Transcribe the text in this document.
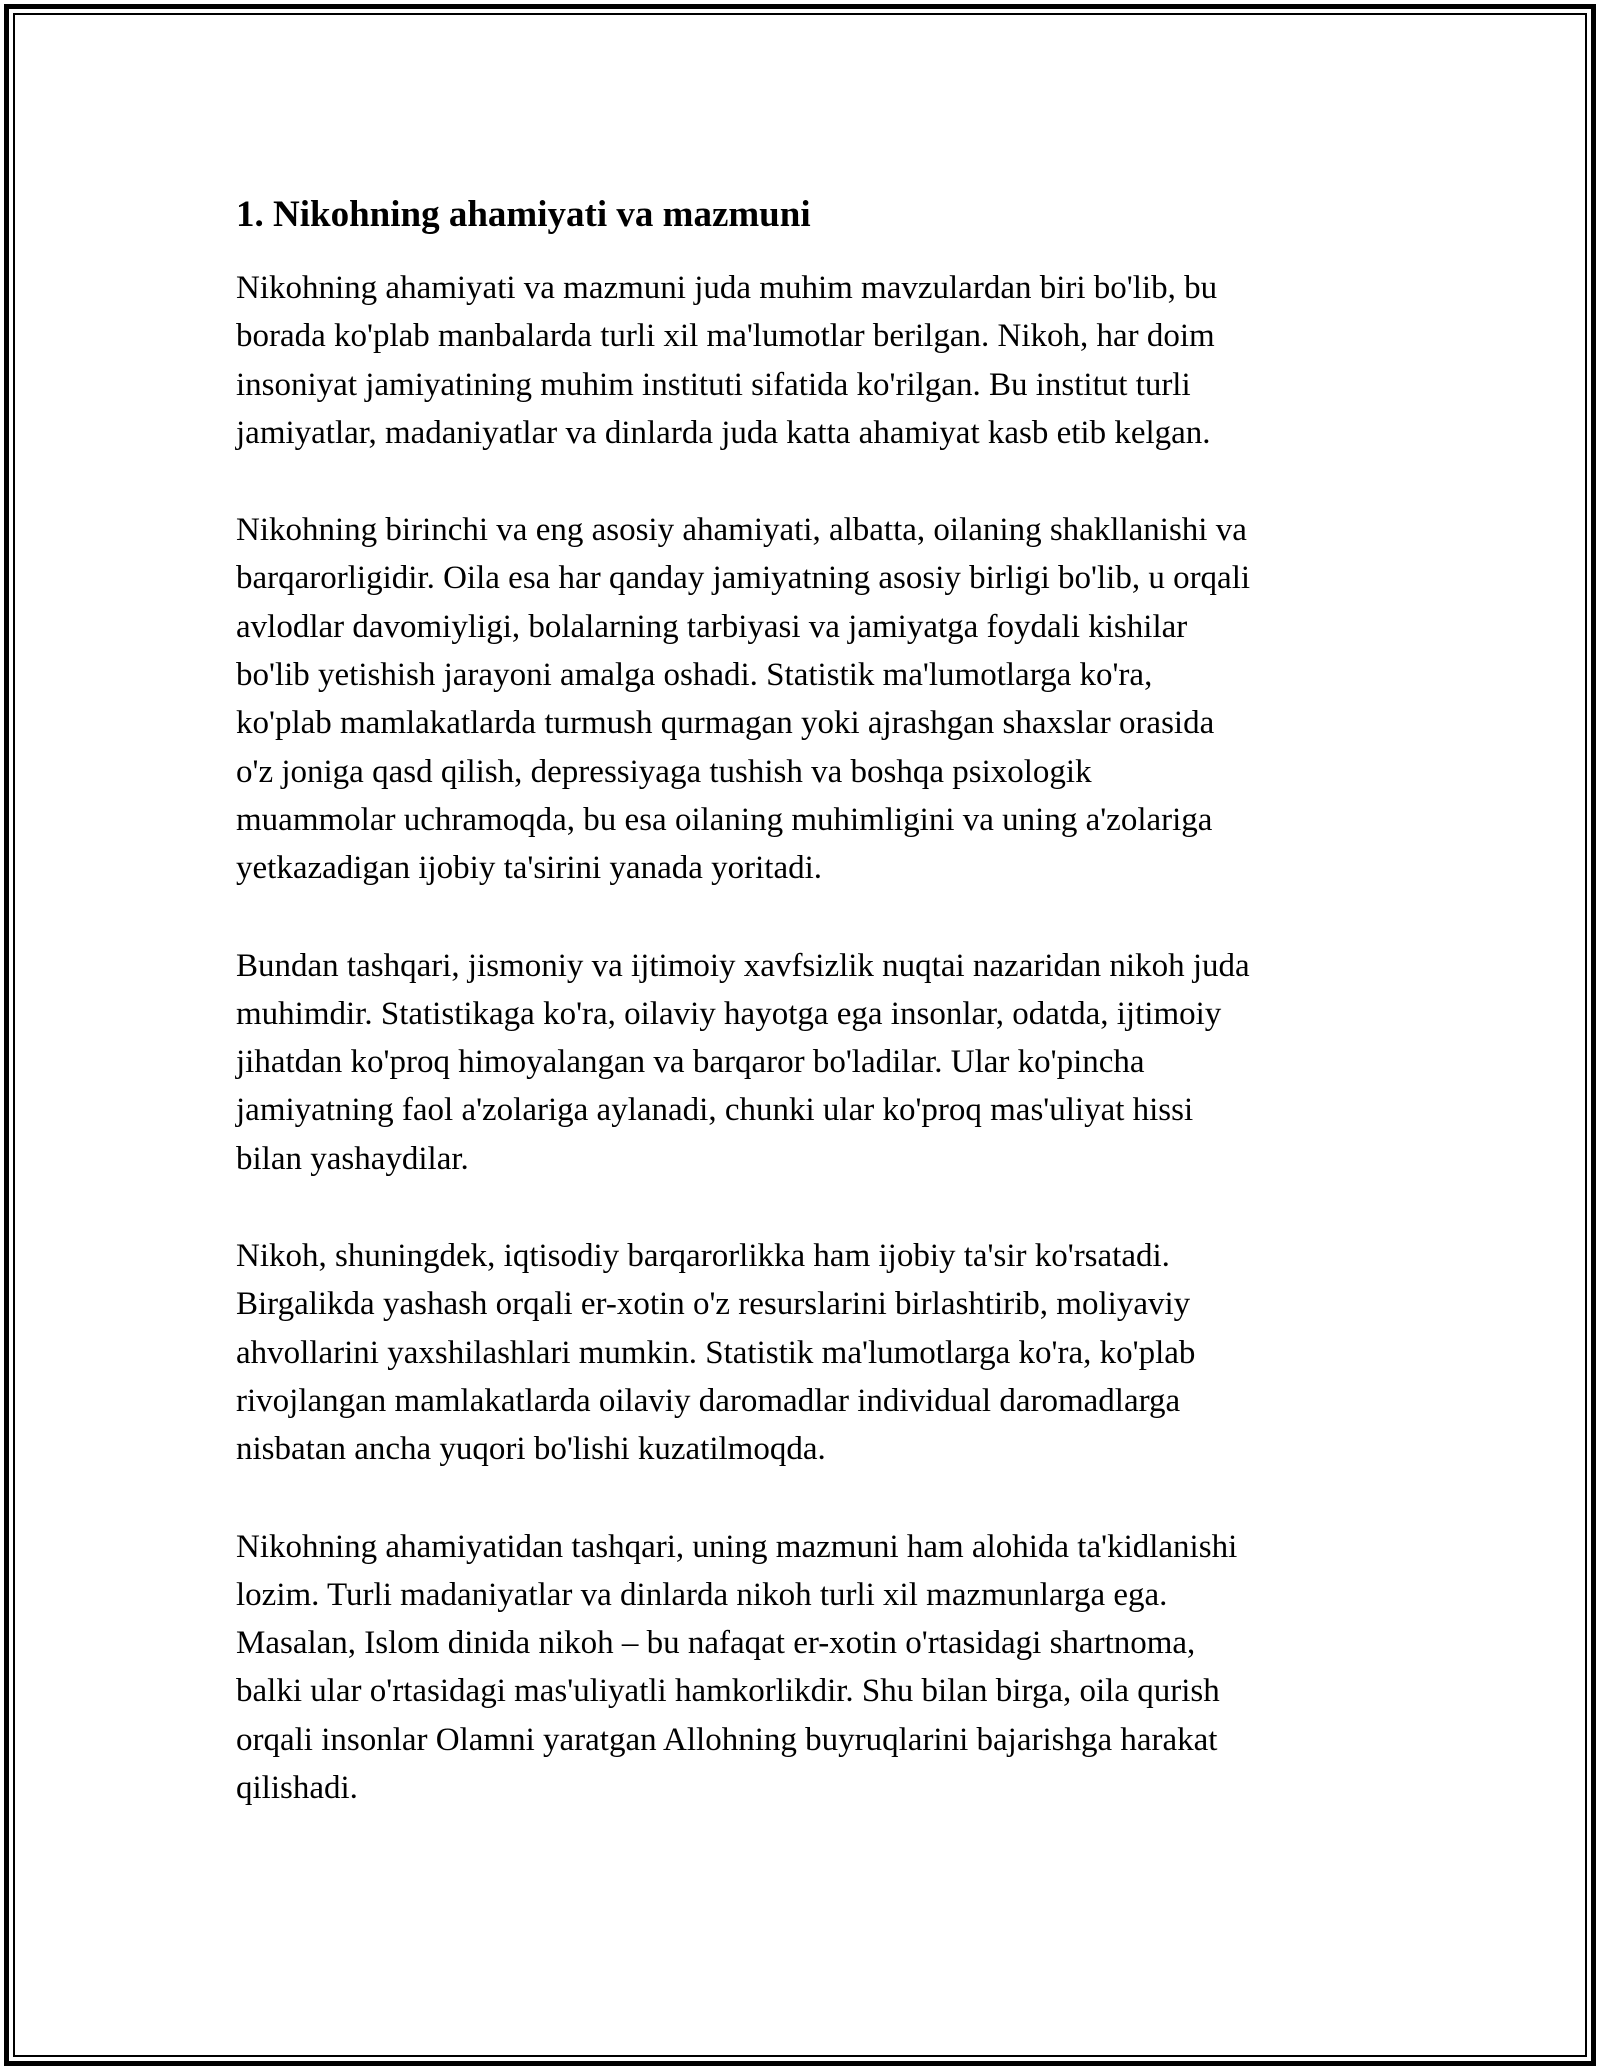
1. Nikohning ahamiyati va mazmuni

Nikohning ahamiyati va mazmuni juda muhim mavzulardan biri bo'lib, bu
borada ko'plab manbalarda turli xil ma'lumotlar berilgan. Nikoh, har doim
insoniyat jamiyatining muhim instituti sifatida ko'rilgan. Bu institut turli
jamiyatlar, madaniyatlar va dinlarda juda katta ahamiyat kasb etib kelgan.

Nikohning birinchi va eng asosiy ahamiyati, albatta, oilaning shakllanishi va
barqarorligidir. Oila esa har qanday jamiyatning asosiy birligi bo'lib, u orqali
avlodlar davomiyligi, bolalarning tarbiyasi va jamiyatga foydali kishilar
bo'lib yetishish jarayoni amalga oshadi. Statistik ma'lumotlarga ko'ra,
ko'plab mamlakatlarda turmush qurmagan yoki ajrashgan shaxslar orasida
o'z joniga qasd qilish, depressiyaga tushish va boshqa psixologik
muammolar uchramoqda, bu esa oilaning muhimligini va uning a'zolariga
yetkazadigan ijobiy ta'sirini yanada yoritadi.

Bundan tashqari, jismoniy va ijtimoiy xavfsizlik nuqtai nazaridan nikoh juda
muhimdir. Statistikaga ko'ra, oilaviy hayotga ega insonlar, odatda, ijtimoiy
jihatdan ko'proq himoyalangan va barqaror bo'ladilar. Ular ko'pincha
jamiyatning faol a'zolariga aylanadi, chunki ular ko'proq mas'uliyat hissi
bilan yashaydilar.

Nikoh, shuningdek, iqtisodiy barqarorlikka ham ijobiy ta'sir ko'rsatadi.
Birgalikda yashash orqali er-xotin o'z resurslarini birlashtirib, moliyaviy
ahvollarini yaxshilashlari mumkin. Statistik ma'lumotlarga ko'ra, ko'plab
rivojlangan mamlakatlarda oilaviy daromadlar individual daromadlarga
nisbatan ancha yuqori bo'lishi kuzatilmoqda.

Nikohning ahamiyatidan tashqari, uning mazmuni ham alohida ta'kidlanishi
lozim. Turli madaniyatlar va dinlarda nikoh turli xil mazmunlarga ega.
Masalan, Islom dinida nikoh – bu nafaqat er-xotin o'rtasidagi shartnoma,
balki ular o'rtasidagi mas'uliyatli hamkorlikdir. Shu bilan birga, oila qurish
orqali insonlar Olamni yaratgan Allohning buyruqlarini bajarishga harakat
qilishadi.
